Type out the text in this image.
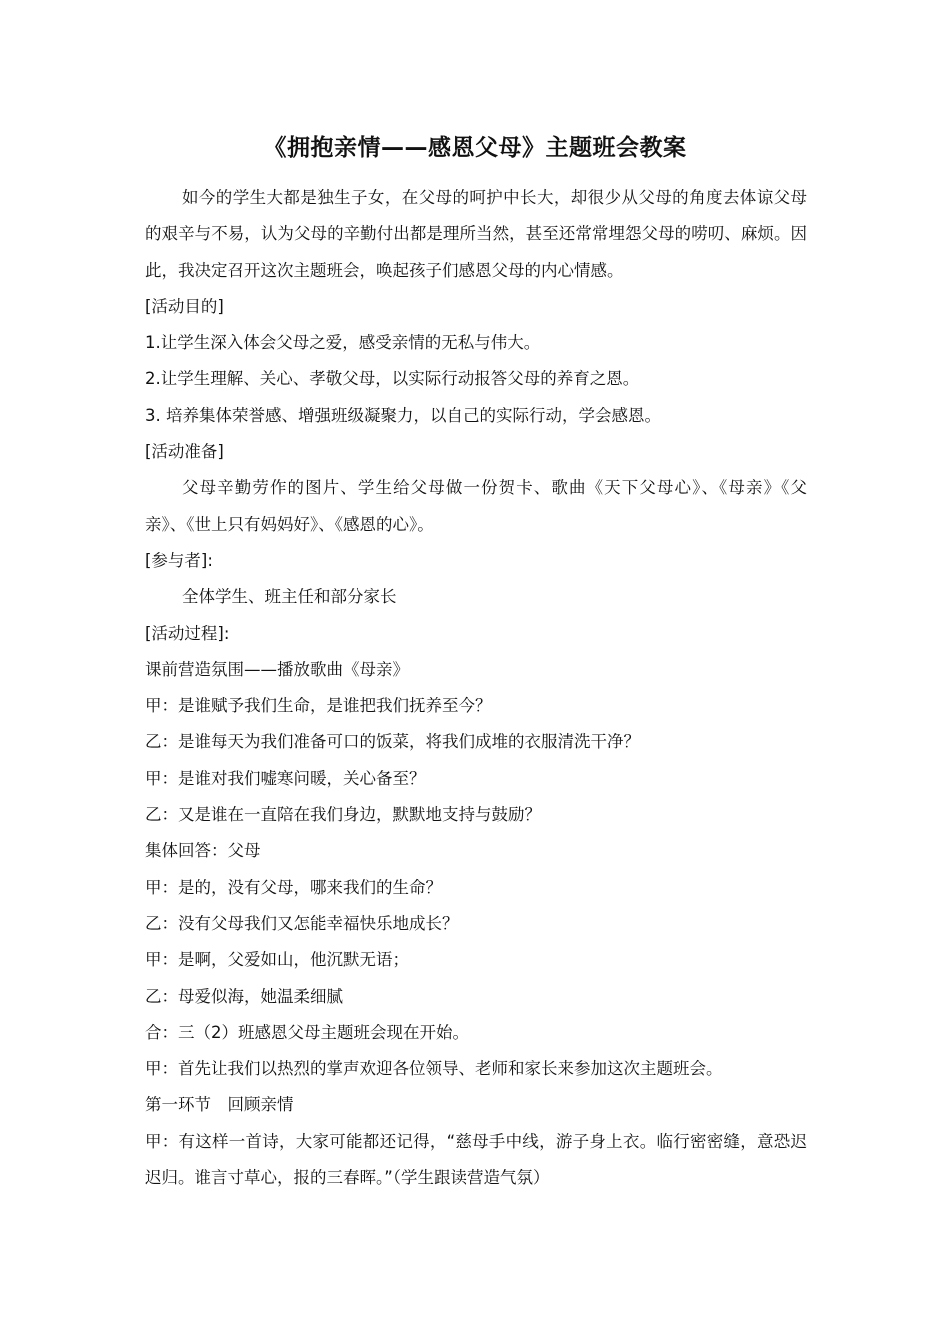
《拥抱亲情——感恩父母》主题班会教案

如今的学生大都是独生子女，在父母的呵护中长大，却很少从父母的角度去体谅父母的艰辛与不易，认为父母的辛勤付出都是理所当然，甚至还常常埋怨父母的唠叨、麻烦。因此，我决定召开这次主题班会，唤起孩子们感恩父母的内心情感。

[活动目的]

1.让学生深入体会父母之爱，感受亲情的无私与伟大。

2.让学生理解、关心、孝敬父母，以实际行动报答父母的养育之恩。

3. 培养集体荣誉感、增强班级凝聚力，以自己的实际行动，学会感恩。

[活动准备]

父母辛勤劳作的图片、学生给父母做一份贺卡、歌曲《天下父母心》、《母亲》《父亲》、《世上只有妈妈好》、《感恩的心》。

[参与者]:

全体学生、班主任和部分家长

[活动过程]:

课前营造氛围——播放歌曲《母亲》

甲：是谁赋予我们生命，是谁把我们抚养至今？

乙：是谁每天为我们准备可口的饭菜，将我们成堆的衣服清洗干净？

甲：是谁对我们嘘寒问暖，关心备至？

乙：又是谁在一直陪在我们身边，默默地支持与鼓励？

集体回答：父母

甲：是的，没有父母，哪来我们的生命？

乙：没有父母我们又怎能幸福快乐地成长？

甲：是啊，父爱如山，他沉默无语；

乙：母爱似海，她温柔细腻

合：三（2）班感恩父母主题班会现在开始。

甲：首先让我们以热烈的掌声欢迎各位领导、老师和家长来参加这次主题班会。

第一环节　回顾亲情

甲：有这样一首诗，大家可能都还记得，“慈母手中线，游子身上衣。临行密密缝，意恐迟迟归。谁言寸草心，报的三春晖。”（学生跟读营造气氛）
